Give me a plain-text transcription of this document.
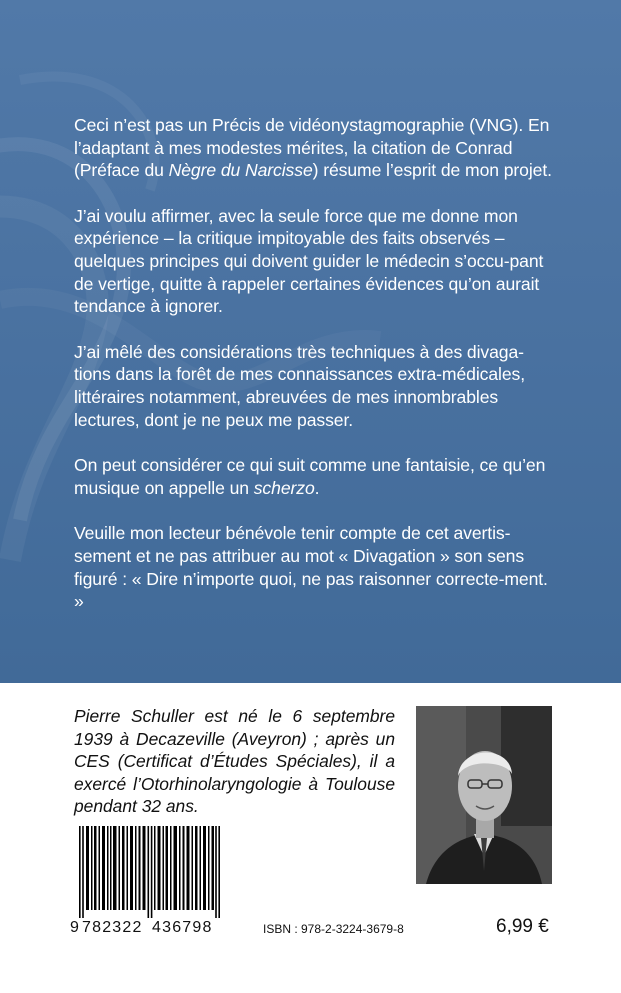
Ceci n’est pas un Précis de vidéonystagmographie (VNG). En l’adaptant à mes modestes mérites, la citation de Conrad (Préface du Nègre du Narcisse) résume l’esprit de mon projet.

J’ai voulu affirmer, avec la seule force que me donne mon expérience – la critique impitoyable des faits observés – quelques principes qui doivent guider le médecin s’occu-pant de vertige, quitte à rappeler certaines évidences qu’on aurait tendance à ignorer.

J’ai mêlé des considérations très techniques à des divaga-tions dans la forêt de mes connaissances extra-médicales, littéraires notamment, abreuvées de mes innombrables lectures, dont je ne peux me passer.

On peut considérer ce qui suit comme une fantaisie, ce qu’en musique on appelle un scherzo.

Veuille mon lecteur bénévole tenir compte de cet avertis-sement et ne pas attribuer au mot « Divagation » son sens figuré : « Dire n’importe quoi, ne pas raisonner correcte-ment. »

Pierre Schuller est né le 6 septembre 1939 à Decazeville (Aveyron) ; après un CES (Certificat d’Études Spéciales), il a exercé l’Otorhinolaryngologie à Toulouse pendant 32 ans.
9 782322 436798	ISBN : 978-2-3224-3679-8	6,99 €
